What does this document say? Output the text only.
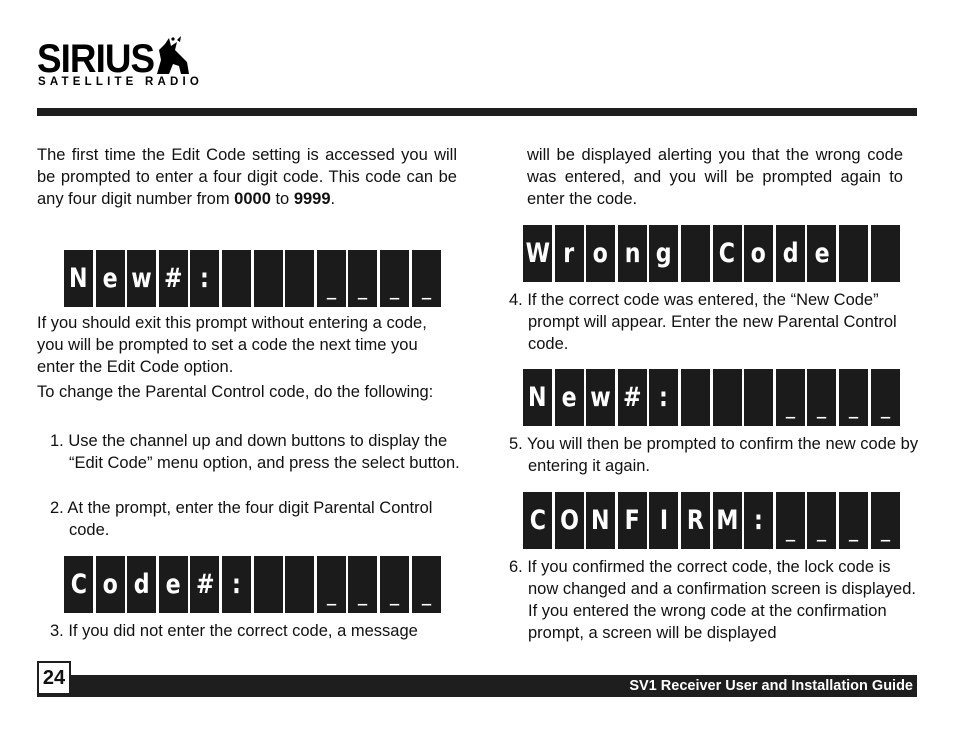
SIRIUS
SATELLITE RADIO

The first time the Edit Code setting is accessed you will be prompted to enter a four digit code. This code can be any four digit number from 0000 to 9999.

N e w # :	_ _ _ _

If you should exit this prompt without entering a code, you will be prompted to set a code the next time you enter the Edit Code option.

To change the Parental Control code, do the following:

1. Use the channel up and down buttons to display the “Edit Code” menu option, and press the select button.

2. At the prompt, enter the four digit Parental Control code.

C o d e # :	_ _ _ _

3. If you did not enter the correct code, a message

will be displayed alerting you that the wrong code was entered, and you will be prompted again to enter the code.

W r o n g C o d e

4. If the correct code was entered, the “New Code” prompt will appear. Enter the new Parental Control code.

N e w # :	_ _ _ _

5. You will then be prompted to confirm the new code by entering it again.

C O N F I R M : _ _ _ _

6. If you confirmed the correct code, the lock code is now changed and a confirmation screen is displayed. If you entered the wrong code at the confirmation prompt, a screen will be displayed

SV1 Receiver User and Installation Guide
24
